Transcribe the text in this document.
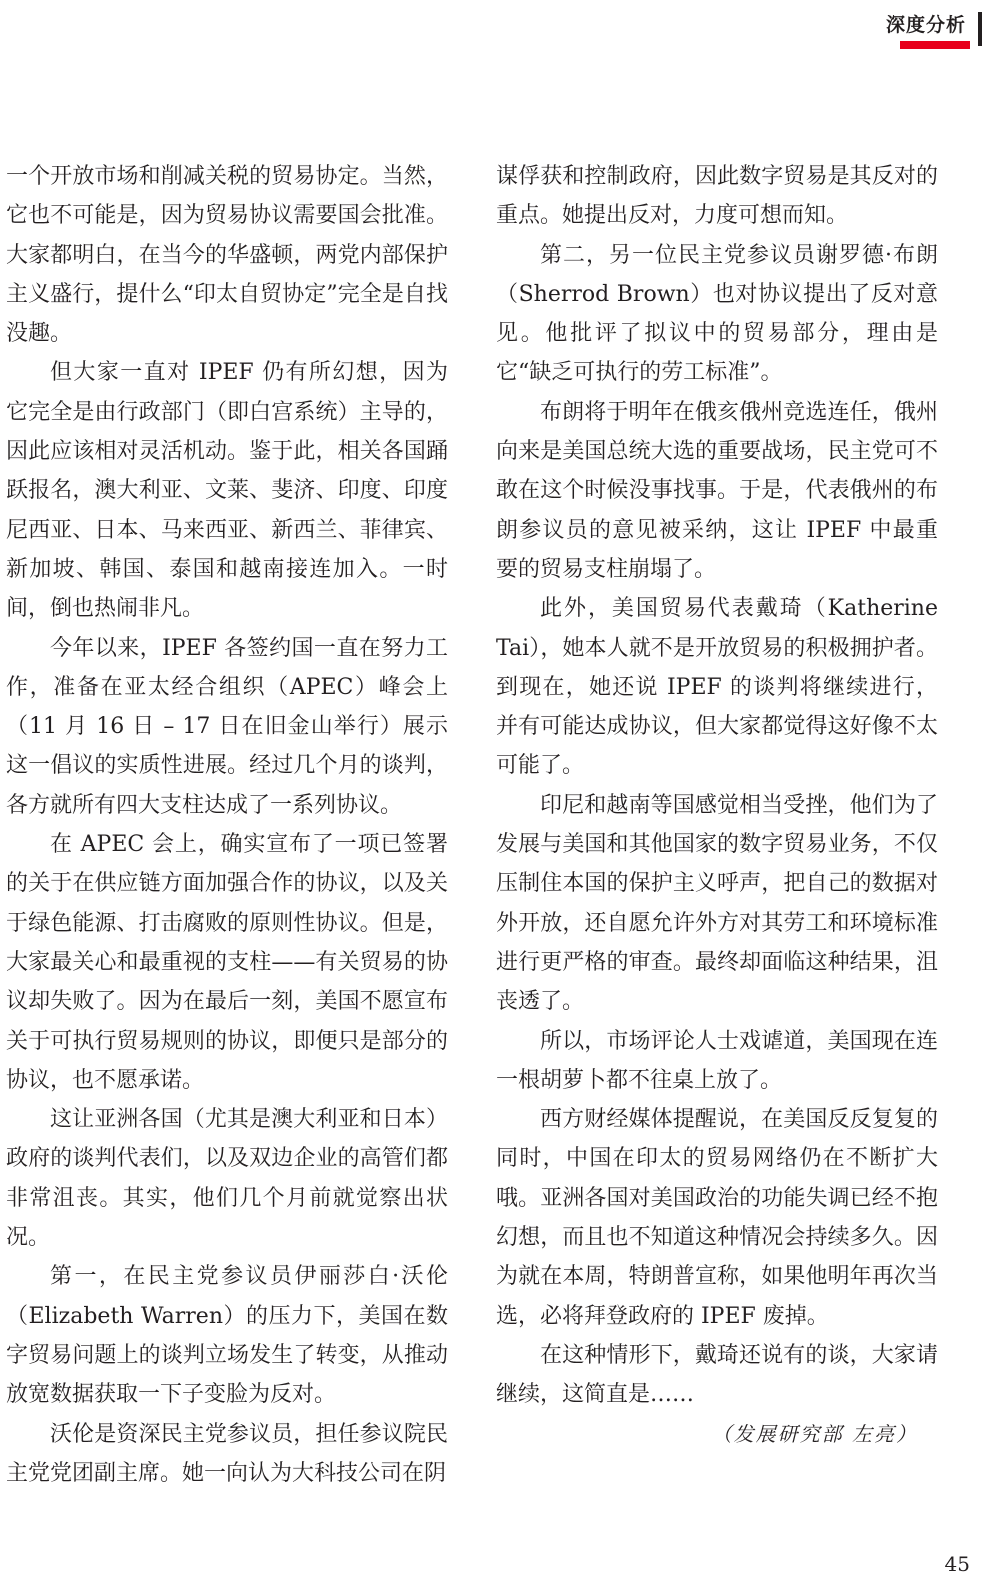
深度分析

一个开放市场和削减关税的贸易协定。当然，它也不可能是，因为贸易协议需要国会批准。大家都明白，在当今的华盛顿，两党内部保护主义盛行，提什么“印太自贸协定”完全是自找没趣。

但大家一直对 IPEF 仍有所幻想，因为它完全是由行政部门（即白宫系统）主导的，因此应该相对灵活机动。鉴于此，相关各国踊跃报名，澳大利亚、文莱、斐济、印度、印度尼西亚、日本、马来西亚、新西兰、菲律宾、新加坡、韩国、泰国和越南接连加入。一时间，倒也热闹非凡。

今年以来，IPEF 各签约国一直在努力工作，准备在亚太经合组织（APEC）峰会上（11 月 16 日 – 17 日在旧金山举行）展示这一倡议的实质性进展。经过几个月的谈判，各方就所有四大支柱达成了一系列协议。

在 APEC 会上，确实宣布了一项已签署的关于在供应链方面加强合作的协议，以及关于绿色能源、打击腐败的原则性协议。但是，大家最关心和最重视的支柱——有关贸易的协议却失败了。因为在最后一刻，美国不愿宣布关于可执行贸易规则的协议，即便只是部分的协议，也不愿承诺。

这让亚洲各国（尤其是澳大利亚和日本）政府的谈判代表们，以及双边企业的高管们都非常沮丧。其实，他们几个月前就觉察出状况。

第一，在民主党参议员伊丽莎白·沃伦（Elizabeth Warren）的压力下，美国在数字贸易问题上的谈判立场发生了转变，从推动放宽数据获取一下子变脸为反对。

沃伦是资深民主党参议员，担任参议院民主党党团副主席。她一向认为大科技公司在阴

谋俘获和控制政府，因此数字贸易是其反对的重点。她提出反对，力度可想而知。

第二，另一位民主党参议员谢罗德·布朗（Sherrod Brown）也对协议提出了反对意见。他批评了拟议中的贸易部分，理由是它“缺乏可执行的劳工标准”。

布朗将于明年在俄亥俄州竞选连任，俄州向来是美国总统大选的重要战场，民主党可不敢在这个时候没事找事。于是，代表俄州的布朗参议员的意见被采纳，这让 IPEF 中最重要的贸易支柱崩塌了。

此外，美国贸易代表戴琦（Katherine Tai），她本人就不是开放贸易的积极拥护者。到现在，她还说 IPEF 的谈判将继续进行，并有可能达成协议，但大家都觉得这好像不太可能了。

印尼和越南等国感觉相当受挫，他们为了发展与美国和其他国家的数字贸易业务，不仅压制住本国的保护主义呼声，把自己的数据对外开放，还自愿允许外方对其劳工和环境标准进行更严格的审查。最终却面临这种结果，沮丧透了。

所以，市场评论人士戏谑道，美国现在连一根胡萝卜都不往桌上放了。

西方财经媒体提醒说，在美国反反复复的同时，中国在印太的贸易网络仍在不断扩大哦。亚洲各国对美国政治的功能失调已经不抱幻想，而且也不知道这种情况会持续多久。因为就在本周，特朗普宣称，如果他明年再次当选，必将拜登政府的 IPEF 废掉。

在这种情形下，戴琦还说有的谈，大家请继续，这简直是……

（发展研究部 左亮）
45
